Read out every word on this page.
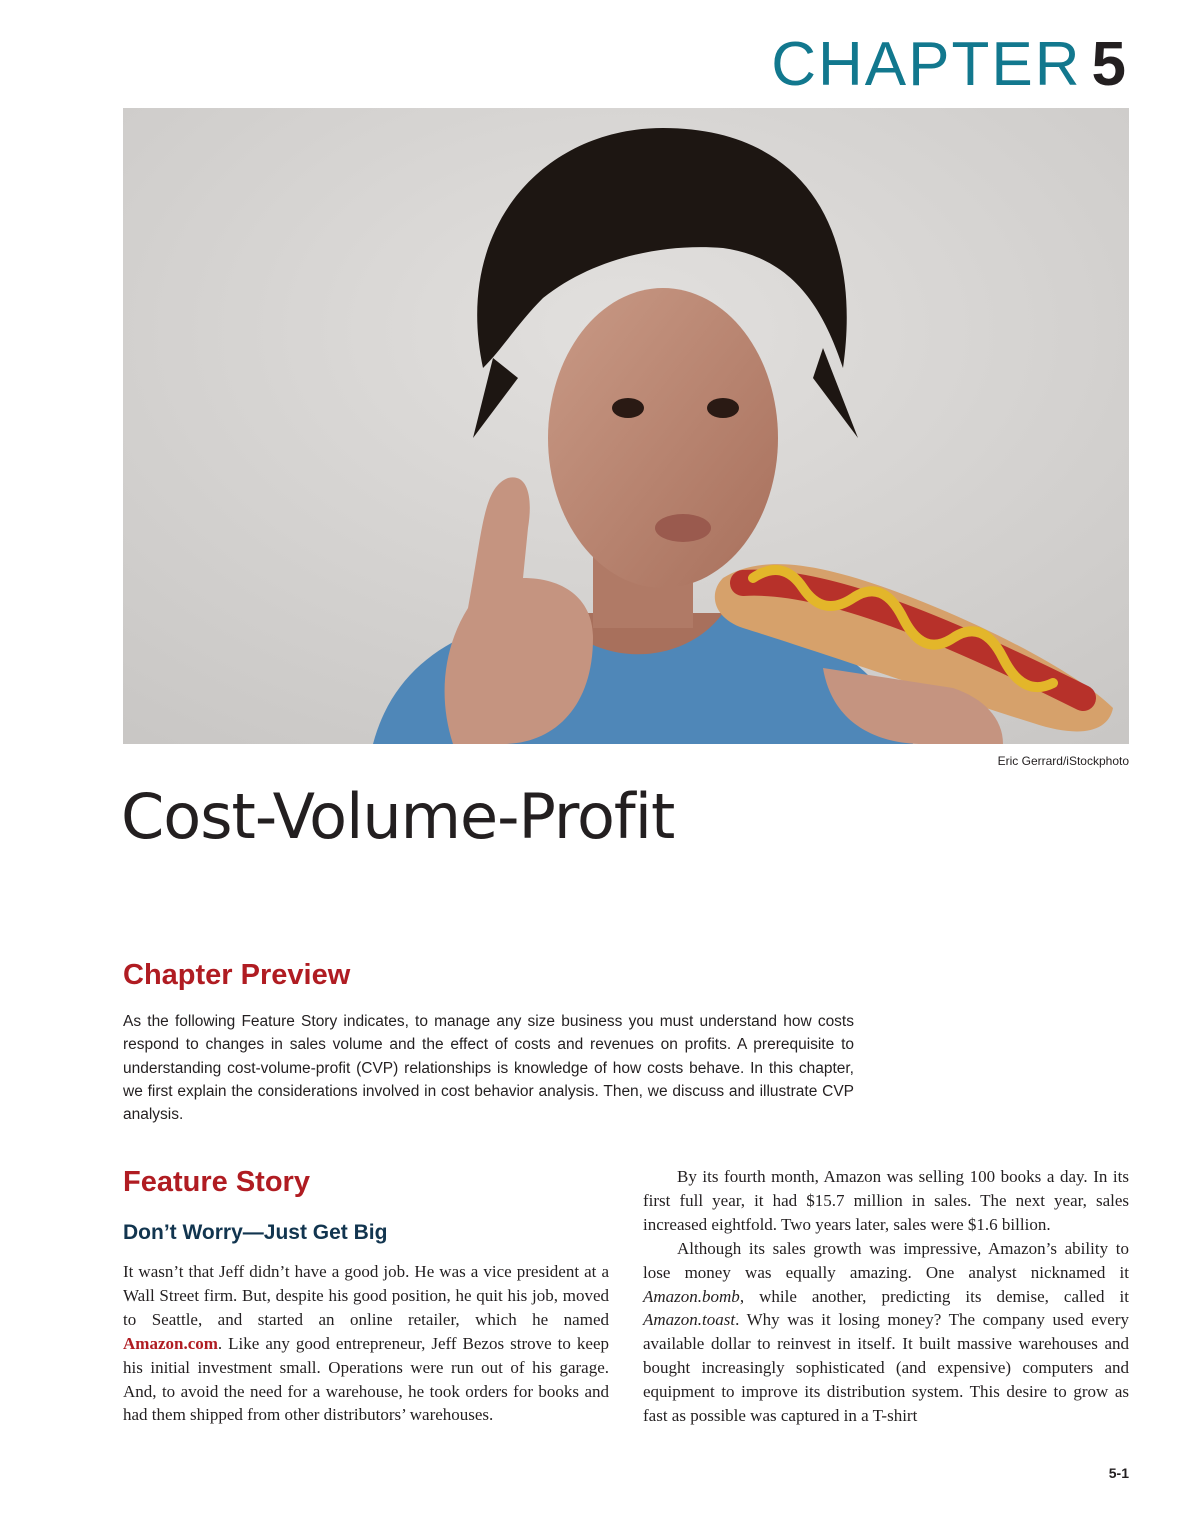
CHAPTER 5
Eric Gerrard/iStockphoto
Cost-Volume-Profit
Chapter Preview

As the following Feature Story indicates, to manage any size business you must understand how costs respond to changes in sales volume and the effect of costs and revenues on profits. A prerequisite to understanding cost-volume-profit (CVP) relationships is knowledge of how costs behave. In this chapter, we first explain the considerations involved in cost behavior analysis. Then, we discuss and illustrate CVP analysis.

Feature Story
Don’t Worry—Just Get Big

It wasn’t that Jeff didn’t have a good job. He was a vice president at a Wall Street firm. But, despite his good position, he quit his job, moved to Seattle, and started an online retailer, which he named Amazon.com. Like any good entrepreneur, Jeff Bezos strove to keep his initial investment small. Operations were run out of his garage. And, to avoid the need for a warehouse, he took orders for books and had them shipped from other distributors’ warehouses.

By its fourth month, Amazon was selling 100 books a day. In its first full year, it had $15.7 million in sales. The next year, sales increased eightfold. Two years later, sales were $1.6 billion.

Although its sales growth was impressive, Amazon’s ability to lose money was equally amazing. One analyst nicknamed it Amazon.bomb, while another, predicting its demise, called it Amazon.toast. Why was it losing money? The company used every available dollar to reinvest in itself. It built massive warehouses and bought increasingly sophisticated (and expensive) computers and equipment to improve its distribution system. This desire to grow as fast as possible was captured in a T-shirt

5-1
